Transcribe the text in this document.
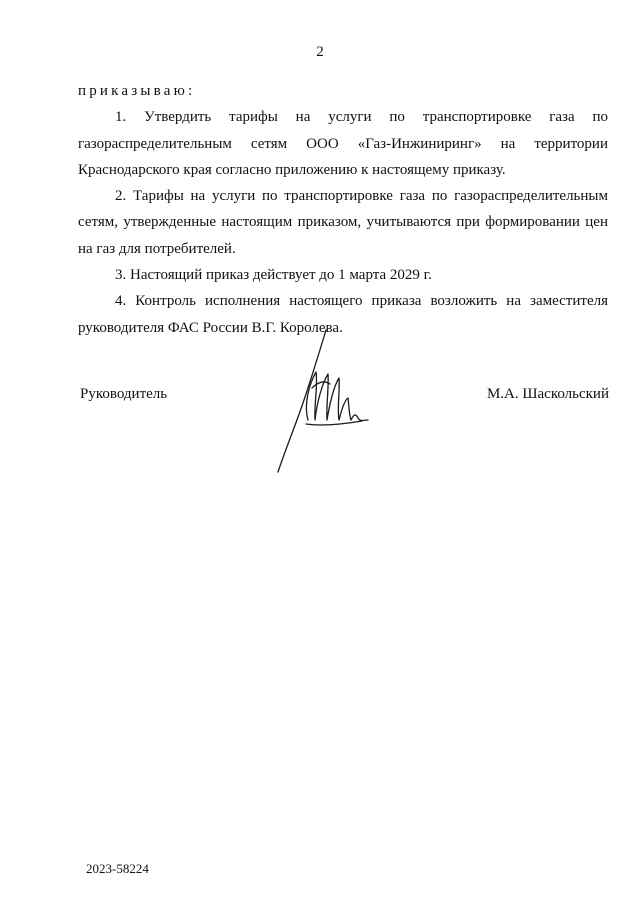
2

приказываю:

1. Утвердить тарифы на услуги по транспортировке газа по газораспределительным сетям ООО «Газ-Инжиниринг» на территории Краснодарского края согласно приложению к настоящему приказу.

2. Тарифы на услуги по транспортировке газа по газораспределительным сетям, утвержденные настоящим приказом, учитываются при формировании цен на газ для потребителей.

3. Настоящий приказ действует до 1 марта 2029 г.

4. Контроль исполнения настоящего приказа возложить на заместителя руководителя ФАС России В.Г. Королева.

Руководитель	М.А. Шаскольский
2023-58224
